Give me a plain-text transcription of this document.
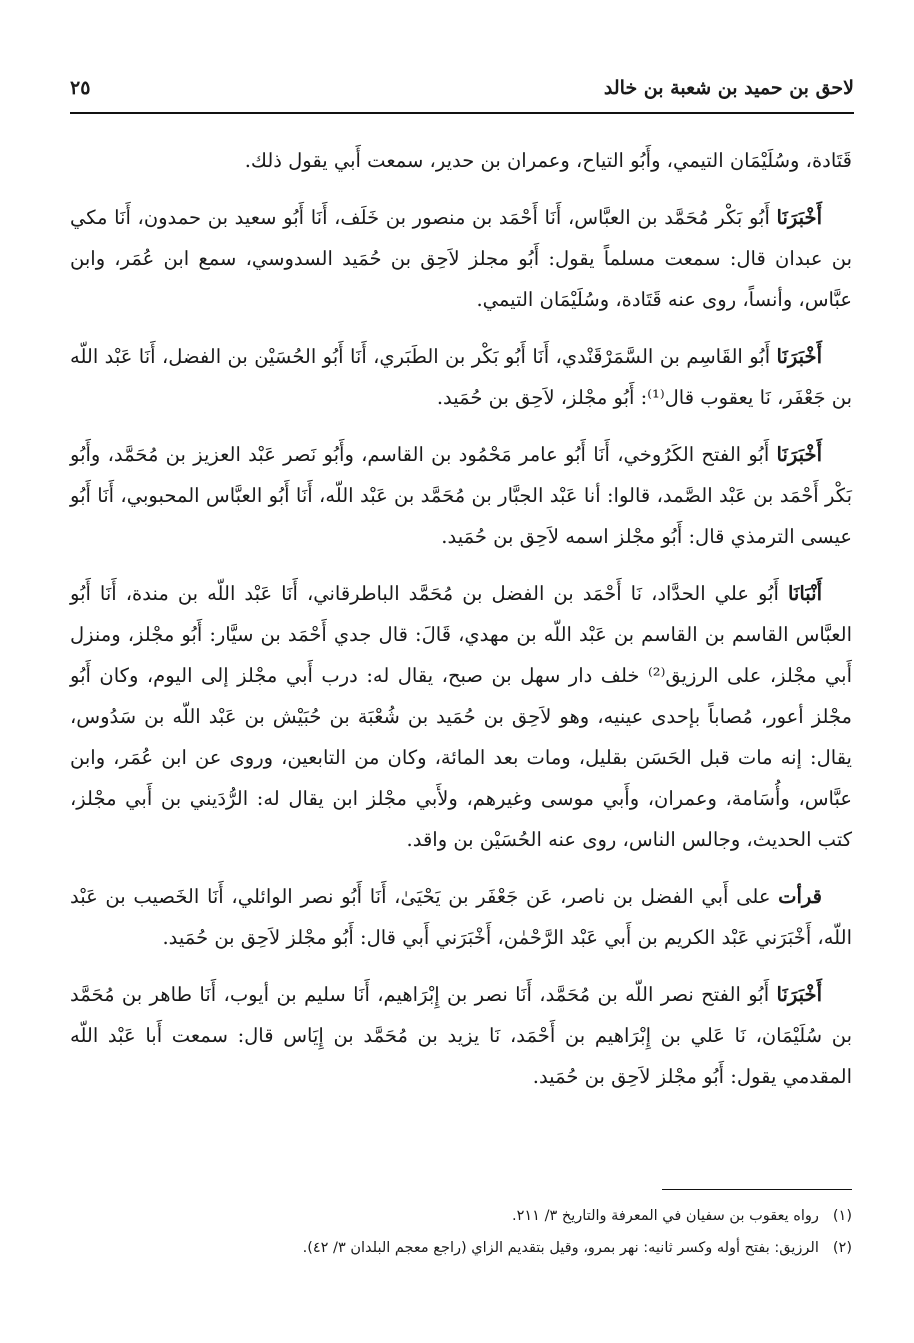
٢٥	لاحق بن حميد بن شعبة بن خالد

قَتَادة، وسُلَيْمَان التيمي، وأَبُو التياح، وعمران بن حدير، سمعت أَبي يقول ذلك.

أَخْبَرَنَا أَبُو بَكْر مُحَمَّد بن العبَّاس، أَنَا أَحْمَد بن منصور بن خَلَف، أَنَا أَبُو سعيد بن حمدون، أَنَا مكي بن عبدان قال: سمعت مسلماً يقول: أَبُو مجلز لاَحِق بن حُمَيد السدوسي، سمع ابن عُمَر، وابن عبَّاس، وأنساً، روى عنه قَتَادة، وسُلَيْمَان التيمي.

أَخْبَرَنَا أَبُو القَاسِم بن السَّمَرْقَنْدي، أَنَا أَبُو بَكْر بن الطَبَري، أَنَا أَبُو الحُسَيْن بن الفضل، أَنَا عَبْد اللّه بن جَعْفَر، نَا يعقوب قال⁽¹⁾: أَبُو مجْلز، لاَحِق بن حُمَيد.

أَخْبَرَنَا أَبُو الفتح الكَرُوخي، أَنَا أَبُو عامر مَحْمُود بن القاسم، وأَبُو نَصر عَبْد العزيز بن مُحَمَّد، وأَبُو بَكْر أَحْمَد بن عَبْد الصَّمد، قالوا: أنا عَبْد الجبَّار بن مُحَمَّد بن عَبْد اللّه، أَنَا أَبُو العبَّاس المحبوبي، أَنَا أَبُو عيسى الترمذي قال: أَبُو مجْلز اسمه لاَحِق بن حُمَيد.

أَنْبَانَا أَبُو علي الحدَّاد، نَا أَحْمَد بن الفضل بن مُحَمَّد الباطرقاني، أَنَا عَبْد اللّه بن مندة، أَنَا أَبُو العبَّاس القاسم بن القاسم بن عَبْد اللّه بن مهدي، قَالَ: قال جدي أَحْمَد بن سيَّار: أَبُو مجْلز، ومنزل أَبي مجْلز، على الرزيق⁽²⁾ خلف دار سهل بن صبح، يقال له: درب أَبي مجْلز إلى اليوم، وكان أَبُو مجْلز أعور، مُصاباً بإحدى عينيه، وهو لاَحِق بن حُمَيد بن شُعْبَة بن حُبَيْش بن عَبْد اللّه بن سَدُوس، يقال: إنه مات قبل الحَسَن بقليل، ومات بعد المائة، وكان من التابعين، وروى عن ابن عُمَر، وابن عبَّاس، وأُسَامة، وعمران، وأَبي موسى وغيرهم، ولأَبي مجْلز ابن يقال له: الرُّدَيني بن أَبي مجْلز، كتب الحديث، وجالس الناس، روى عنه الحُسَيْن بن واقد.

قرأت على أَبي الفضل بن ناصر، عَن جَعْفَر بن يَحْيَىٰ، أَنَا أَبُو نصر الوائلي، أَنَا الخَصيب بن عَبْد اللّه، أَخْبَرَني عَبْد الكريم بن أَبي عَبْد الرَّحْمٰن، أَخْبَرَني أَبي قال: أَبُو مجْلز لاَحِق بن حُمَيد.

أَخْبَرَنَا أَبُو الفتح نصر اللّه بن مُحَمَّد، أَنَا نصر بن إِبْرَاهيم، أَنَا سليم بن أيوب، أَنَا طاهر بن مُحَمَّد بن سُلَيْمَان، نَا عَلي بن إِبْرَاهيم بن أَحْمَد، نَا يزيد بن مُحَمَّد بن إِيَاس قال: سمعت أَبا عَبْد اللّه المقدمي يقول: أَبُو مجْلز لاَحِق بن حُمَيد.

(١)رواه يعقوب بن سفيان في المعرفة والتاريخ ٣/ ٢١١.

(٢)الرزيق: بفتح أوله وكسر ثانيه: نهر بمرو، وقيل بتقديم الزاي (راجع معجم البلدان ٣/ ٤٢).
